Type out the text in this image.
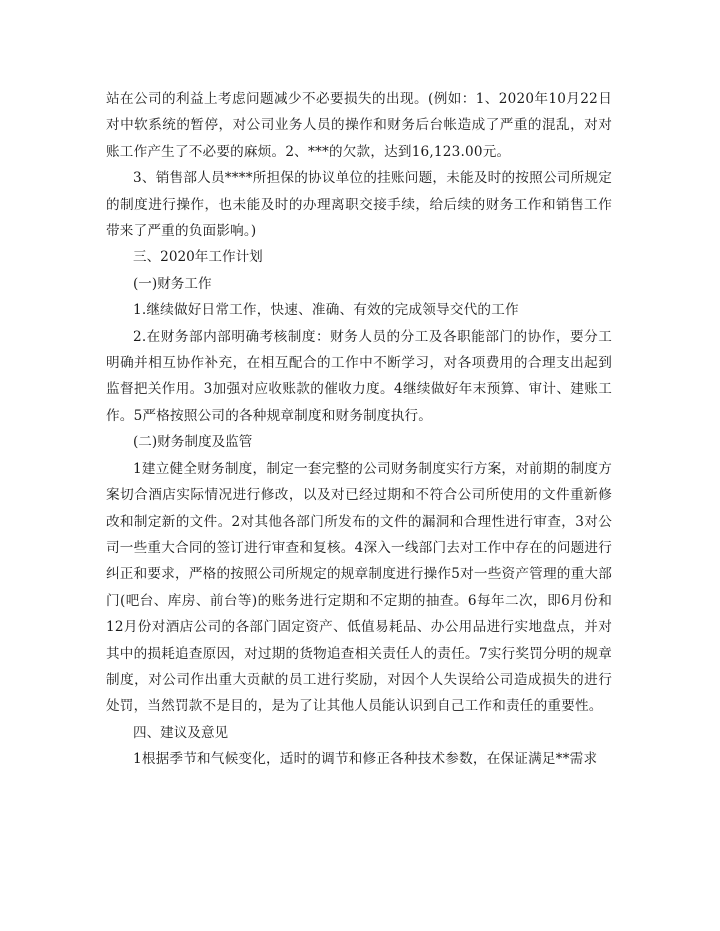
站在公司的利益上考虑问题减少不必要损失的出现。(例如：1、2020年10月22日对中软系统的暂停，对公司业务人员的操作和财务后台帐造成了严重的混乱，对对账工作产生了不必要的麻烦。2、***的欠款，达到16,123.00元。

3、销售部人员****所担保的协议单位的挂账问题，未能及时的按照公司所规定的制度进行操作，也未能及时的办理离职交接手续，给后续的财务工作和销售工作带来了严重的负面影响。)

三、2020年工作计划

(一)财务工作

1.继续做好日常工作，快速、准确、有效的完成领导交代的工作

2.在财务部内部明确考核制度：财务人员的分工及各职能部门的协作，要分工明确并相互协作补充，在相互配合的工作中不断学习，对各项费用的合理支出起到监督把关作用。3加强对应收账款的催收力度。4继续做好年末预算、审计、建账工作。5严格按照公司的各种规章制度和财务制度执行。

(二)财务制度及监管

1建立健全财务制度，制定一套完整的公司财务制度实行方案，对前期的制度方案切合酒店实际情况进行修改，以及对已经过期和不符合公司所使用的文件重新修改和制定新的文件。2对其他各部门所发布的文件的漏洞和合理性进行审查，3对公司一些重大合同的签订进行审查和复核。4深入一线部门去对工作中存在的问题进行纠正和要求，严格的按照公司所规定的规章制度进行操作5对一些资产管理的重大部门(吧台、库房、前台等)的账务进行定期和不定期的抽查。6每年二次，即6月份和12月份对酒店公司的各部门固定资产、低值易耗品、办公用品进行实地盘点，并对其中的损耗追查原因，对过期的货物追查相关责任人的责任。7实行奖罚分明的规章制度，对公司作出重大贡献的员工进行奖励，对因个人失误给公司造成损失的进行处罚，当然罚款不是目的，是为了让其他人员能认识到自己工作和责任的重要性。

四、建议及意见

1根据季节和气候变化，适时的调节和修正各种技术参数，在保证满足**需求
